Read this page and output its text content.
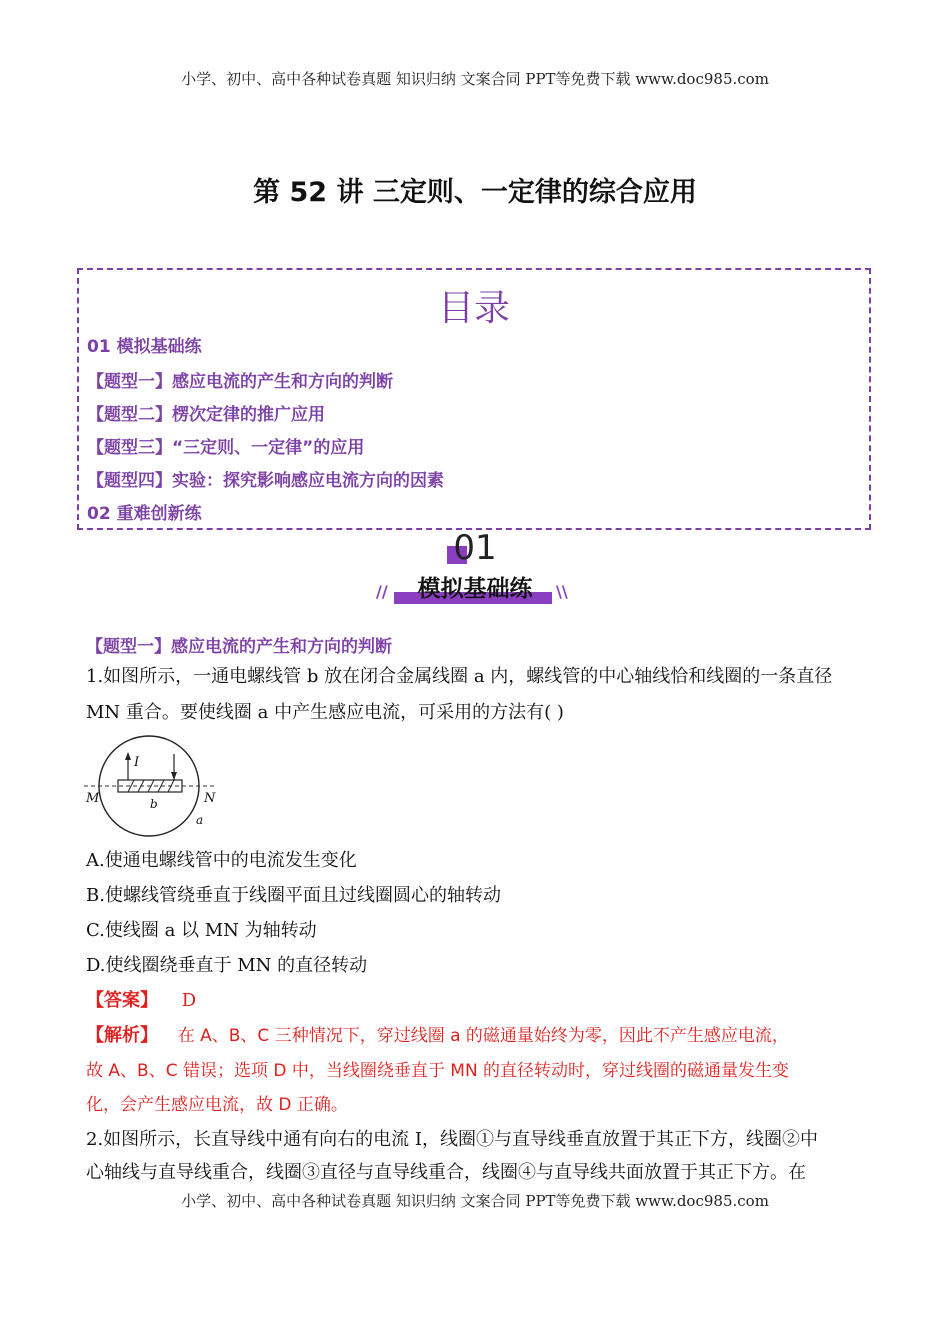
小学、初中、高中各种试卷真题 知识归纳 文案合同 PPT等免费下载 www.doc985.com
第 52 讲 三定则、一定律的综合应用
目录
01 模拟基础练
【题型一】感应电流的产生和方向的判断
【题型二】楞次定律的推广应用
【题型三】“三定则、一定律”的应用
【题型四】实验：探究影响感应电流方向的因素
02 重难创新练
01
模拟基础练
//	\\
【题型一】感应电流的产生和方向的判断
1.如图所示，一通电螺线管 b 放在闭合金属线圈 a 内，螺线管的中心轴线恰和线圈的一条直径
MN 重合。要使线圈 a 中产生感应电流，可采用的方法有( )
I
M	N
b
a
A.使通电螺线管中的电流发生变化
B.使螺线管绕垂直于线圈平面且过线圈圆心的轴转动
C.使线圈 a 以 MN 为轴转动
D.使线圈绕垂直于 MN 的直径转动
【答案】 D
【解析】 在 A、B、C 三种情况下，穿过线圈 a 的磁通量始终为零，因此不产生感应电流，
故 A、B、C 错误；选项 D 中，当线圈绕垂直于 MN 的直径转动时，穿过线圈的磁通量发生变
化，会产生感应电流，故 D 正确。
2.如图所示，长直导线中通有向右的电流 I，线圈①与直导线垂直放置于其正下方，线圈②中
心轴线与直导线重合，线圈③直径与直导线重合，线圈④与直导线共面放置于其正下方。在
小学、初中、高中各种试卷真题 知识归纳 文案合同 PPT等免费下载 www.doc985.com
